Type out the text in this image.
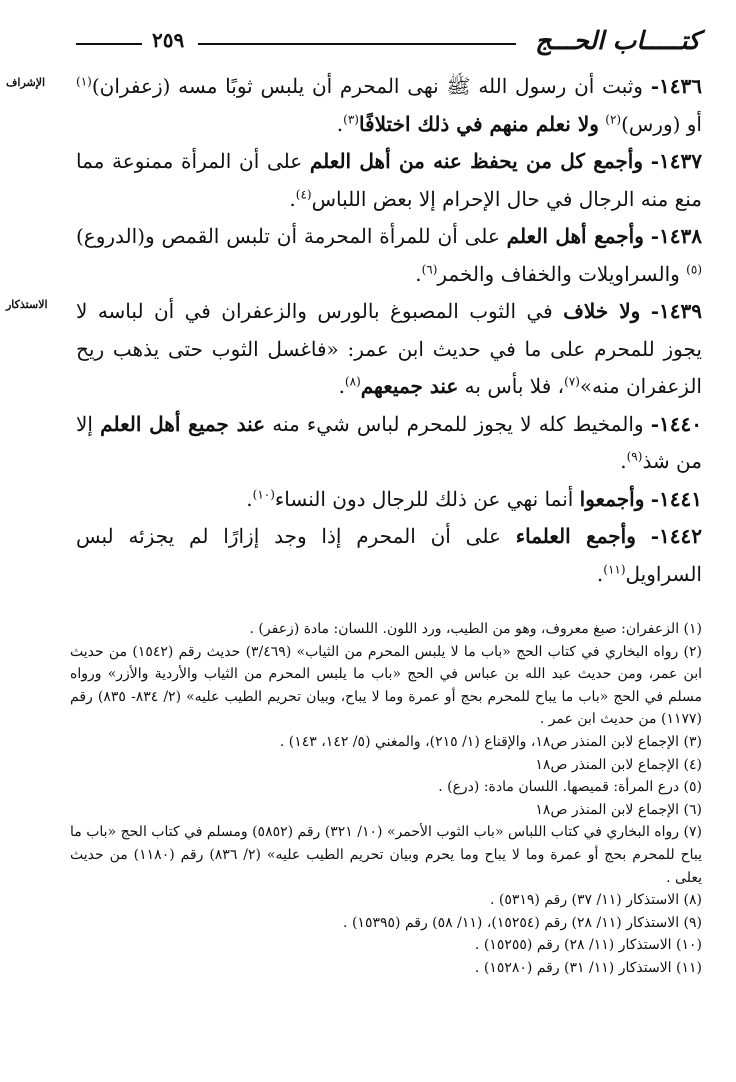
٢٥٩	كتـــــاب الحـــج
الإشراف
الاستذكار

١٤٣٦- وثبت أن رسول الله ﷺ نهى المحرم أن يلبس ثوبًا مسه (زعفران)$^{(١)}$ أو (ورس)$^{(٢)}$ ولا نعلم منهم في ذلك اختلافًا$^{(٣)}$.

١٤٣٧- وأجمع كل من يحفظ عنه من أهل العلم على أن المرأة ممنوعة مما منع منه الرجال في حال الإحرام إلا بعض اللباس$^{(٤)}$.

١٤٣٨- وأجمع أهل العلم على أن للمرأة المحرمة أن تلبس القمص و(الدروع)$^{(٥)}$ والسراويلات والخفاف والخمر$^{(٦)}$.

١٤٣٩- ولا خلاف في الثوب المصبوغ بالورس والزعفران في أن لباسه لا يجوز للمحرم على ما في حديث ابن عمر: «فاغسل الثوب حتى يذهب ريح الزعفران منه»$^{(٧)}$، فلا بأس به عند جميعهم$^{(٨)}$.

١٤٤٠- والمخيط كله لا يجوز للمحرم لباس شيء منه عند جميع أهل العلم إلا من شذ$^{(٩)}$.

١٤٤١- وأجمعوا أنما نهي عن ذلك للرجال دون النساء$^{(١٠)}$.

١٤٤٢- وأجمع العلماء على أن المحرم إذا وجد إزارًا لم يجزئه لبس السراويل$^{(١١)}$.

(١) الزعفران: صبغ معروف، وهو من الطيب، ورد اللون. اللسان: مادة (زعفر) .

(٢) رواه البخاري في كتاب الحج «باب ما لا يلبس المحرم من الثياب» (٣/٤٦٩) حديث رقم (١٥٤٢) من حديث ابن عمر، ومن حديث عبد الله بن عباس في الحج «باب ما يلبس المحرم من الثياب والأردية والأزر» ورواه مسلم في الحج «باب ما يباح للمحرم بحج أو عمرة وما لا يباح، وبيان تحريم الطيب عليه» (٢/ ٨٣٤- ٨٣٥) رقم (١١٧٧) من حديث ابن عمر .

(٣) الإجماع لابن المنذر ص١٨، والإقناع (١/ ٢١٥)، والمغني (٥/ ١٤٢، ١٤٣) .

(٤) الإجماع لابن المنذر ص١٨

(٥) درع المرأة: قميصها. اللسان مادة: (درع) .

(٦) الإجماع لابن المنذر ص١٨

(٧) رواه البخاري في كتاب اللباس «باب الثوب الأحمر» (١٠/ ٣٢١) رقم (٥٨٥٢) ومسلم في كتاب الحج «باب ما يباح للمحرم بحج أو عمرة وما لا يباح وما يحرم وبيان تحريم الطيب عليه» (٢/ ٨٣٦) رقم (١١٨٠) من حديث يعلى .

(٨) الاستذكار (١١/ ٣٧) رقم (٥٣١٩) .

(٩) الاستذكار (١١/ ٢٨) رقم (١٥٢٥٤)، (١١/ ٥٨) رقم (١٥٣٩٥) .

(١٠) الاستذكار (١١/ ٢٨) رقم (١٥٢٥٥) .

(١١) الاستذكار (١١/ ٣١) رقم (١٥٢٨٠) .
